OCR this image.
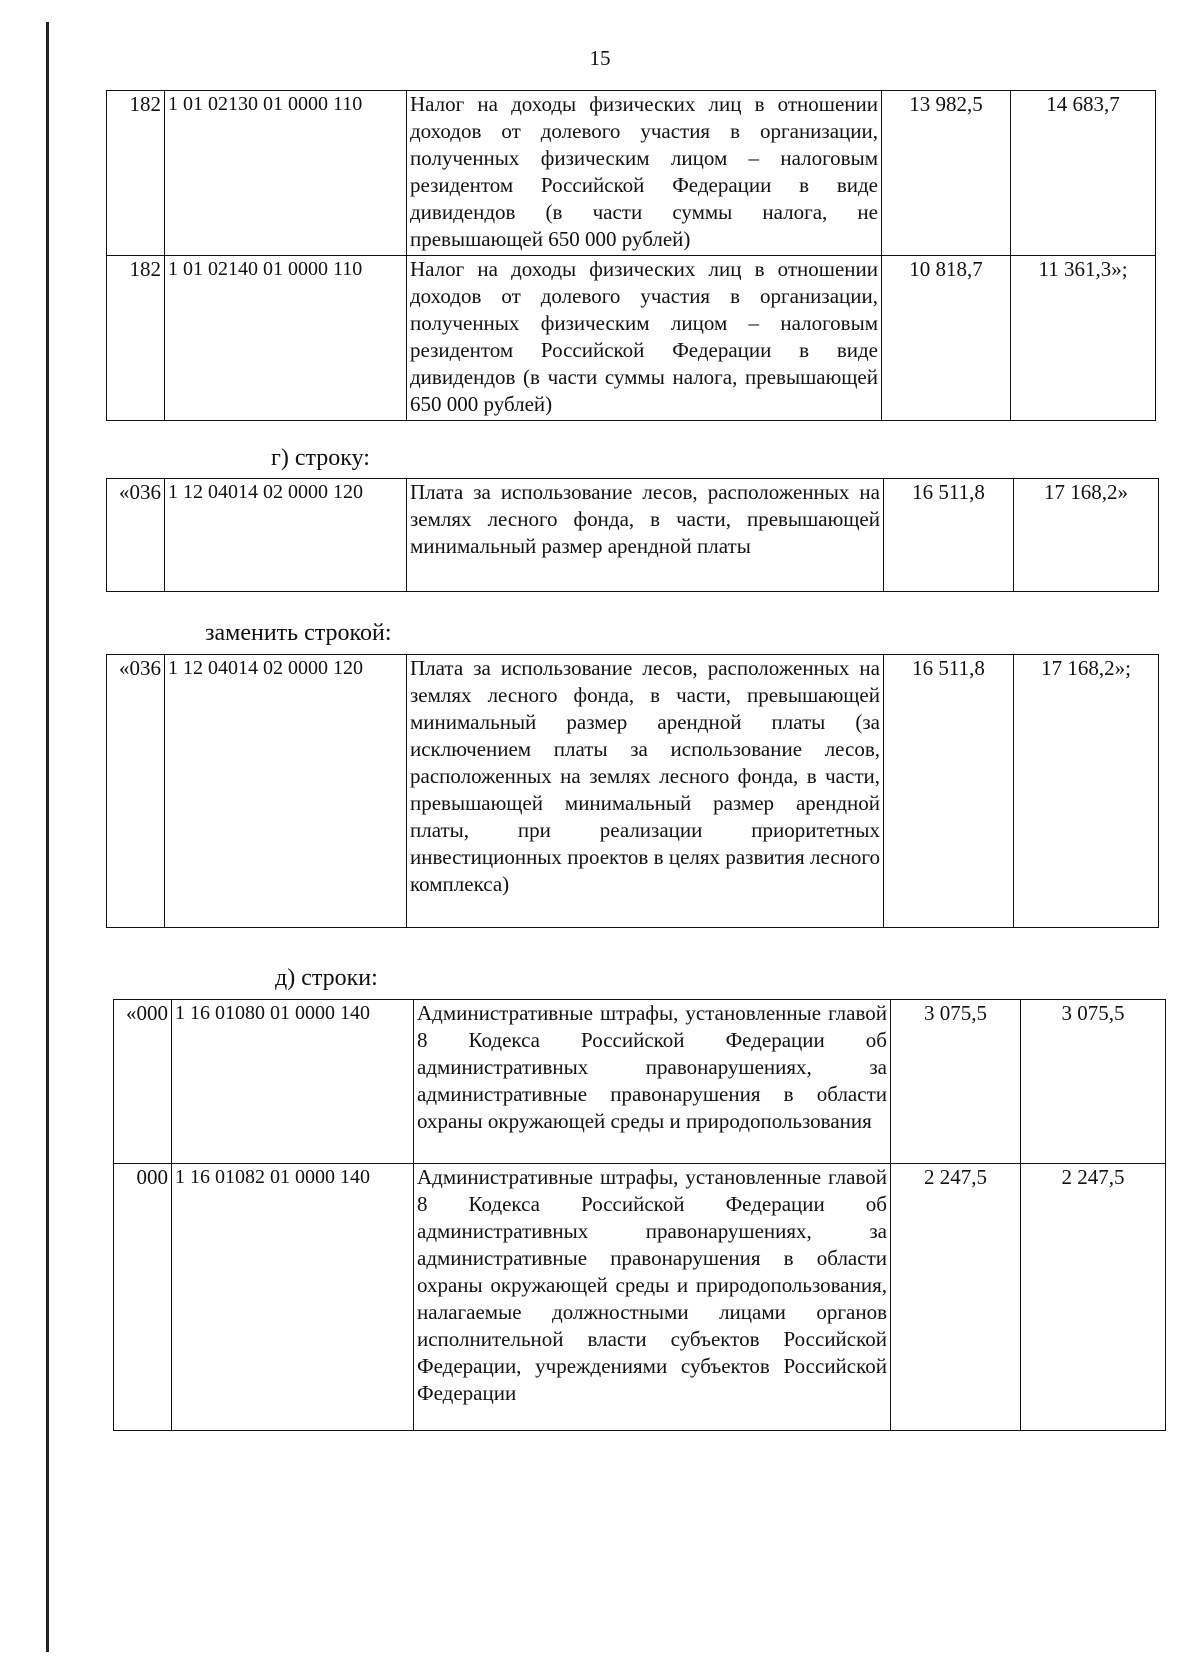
15
182	1 01 02130 01 0000 110	Налог на доходы физических лиц в отношении доходов от долевого участия в организации, полученных физическим лицом – налоговым резидентом Российской Федерации в виде дивидендов (в части суммы налога, не превышающей 650 000 рублей)	13 982,5	14 683,7
182	1 01 02140 01 0000 110	Налог на доходы физических лиц в отношении доходов от долевого участия в организации, полученных физическим лицом – налоговым резидентом Российской Федерации в виде дивидендов (в части суммы налога, превышающей 650 000 рублей)	10 818,7	11 361,3»;
г) строку:
«036	1 12 04014 02 0000 120	Плата за использование лесов, расположенных на землях лесного фонда, в части, превышающей минимальный размер арендной платы	16 511,8	17 168,2»
заменить строкой:
«036	1 12 04014 02 0000 120	Плата за использование лесов, расположенных на землях лесного фонда, в части, превышающей минимальный размер арендной платы (за исключением платы за использование лесов, расположенных на землях лесного фонда, в части, превышающей минимальный размер арендной платы, при реализации приоритетных инвестиционных проектов в целях развития лесного комплекса)	16 511,8	17 168,2»;
д) строки:
«000	1 16 01080 01 0000 140	Административные штрафы, установленные главой 8 Кодекса Российской Федерации об административных правонарушениях, за административные правонарушения в области охраны окружающей среды и природопользования	3 075,5	3 075,5
000	1 16 01082 01 0000 140	Административные штрафы, установленные главой 8 Кодекса Российской Федерации об административных правонарушениях, за административные правонарушения в области охраны окружающей среды и природопользования, налагаемые должностными лицами органов исполнительной власти субъектов Российской Федерации, учреждениями субъектов Российской Федерации	2 247,5	2 247,5
